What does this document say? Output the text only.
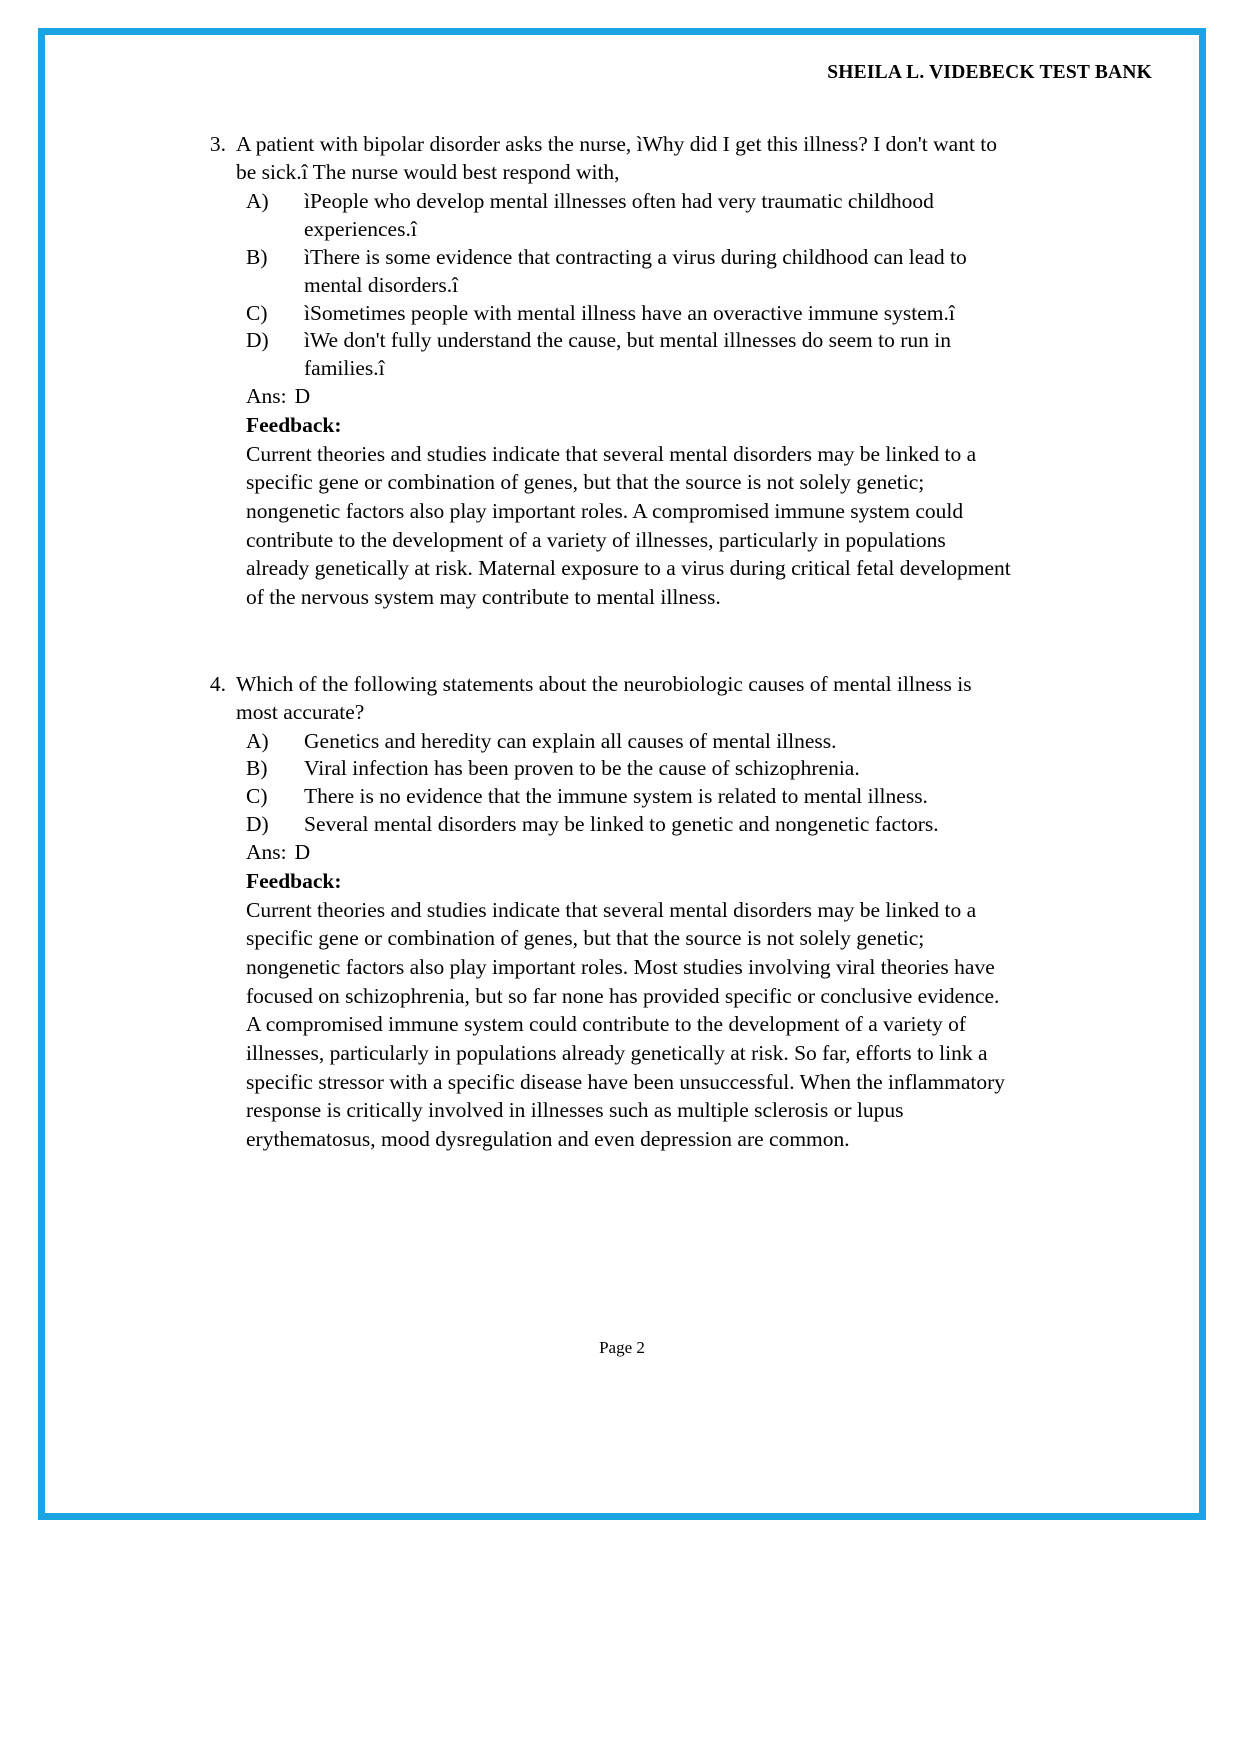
SHEILA L. VIDEBECK TEST BANK
3. A patient with bipolar disorder asks the nurse, ìWhy did I get this illness? I don't want to be sick.î The nurse would best respond with,
A)	ìPeople who develop mental illnesses often had very traumatic childhood experiences.î
B)	ìThere is some evidence that contracting a virus during childhood can lead to mental disorders.î
C)	ìSometimes people with mental illness have an overactive immune system.î
D)	ìWe don't fully understand the cause, but mental illnesses do seem to run in families.î
Ans: D
Feedback:
Current theories and studies indicate that several mental disorders may be linked to a specific gene or combination of genes, but that the source is not solely genetic; nongenetic factors also play important roles. A compromised immune system could contribute to the development of a variety of illnesses, particularly in populations already genetically at risk. Maternal exposure to a virus during critical fetal development of the nervous system may contribute to mental illness.
4. Which of the following statements about the neurobiologic causes of mental illness is most accurate?
A)	Genetics and heredity can explain all causes of mental illness.
B)	Viral infection has been proven to be the cause of schizophrenia.
C)	There is no evidence that the immune system is related to mental illness.
D)	Several mental disorders may be linked to genetic and nongenetic factors.
Ans: D
Feedback:
Current theories and studies indicate that several mental disorders may be linked to a specific gene or combination of genes, but that the source is not solely genetic; nongenetic factors also play important roles. Most studies involving viral theories have focused on schizophrenia, but so far none has provided specific or conclusive evidence. A compromised immune system could contribute to the development of a variety of illnesses, particularly in populations already genetically at risk. So far, efforts to link a specific stressor with a specific disease have been unsuccessful. When the inflammatory response is critically involved in illnesses such as multiple sclerosis or lupus erythematosus, mood dysregulation and even depression are common.
Page 2
